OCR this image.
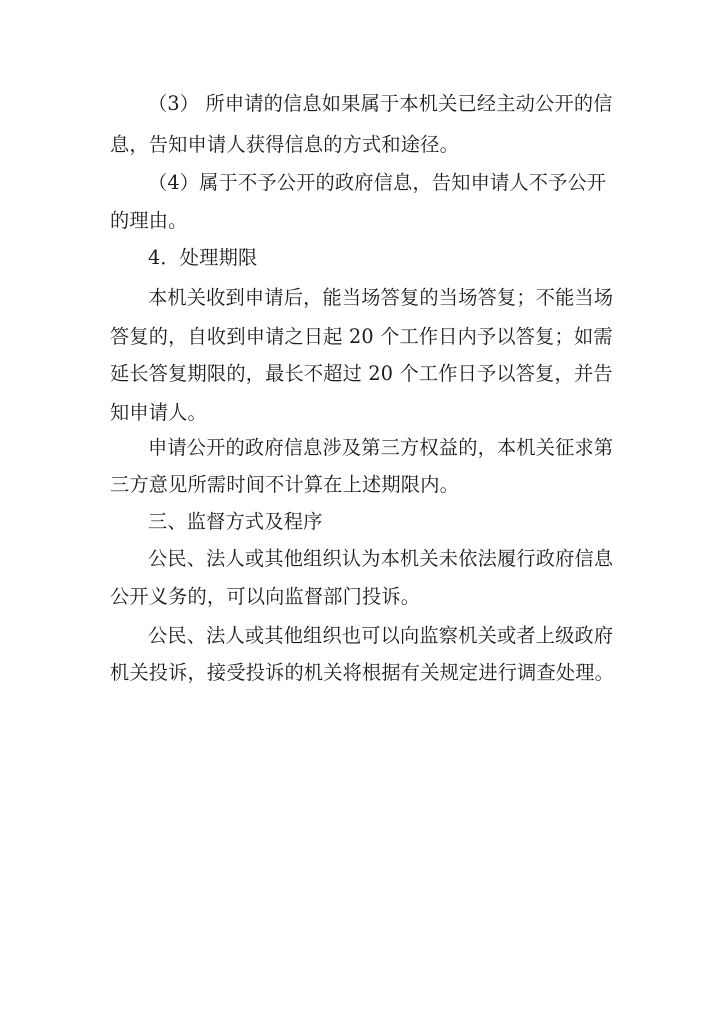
（3） 所申请的信息如果属于本机关已经主动公开的信
息，告知申请人获得信息的方式和途径。
（4）属于不予公开的政府信息，告知申请人不予公开
的理由。
4．处理期限
本机关收到申请后，能当场答复的当场答复；不能当场
答复的，自收到申请之日起 20 个工作日内予以答复；如需
延长答复期限的，最长不超过 20 个工作日予以答复，并告
知申请人。
申请公开的政府信息涉及第三方权益的，本机关征求第
三方意见所需时间不计算在上述期限内。
三、监督方式及程序
公民、法人或其他组织认为本机关未依法履行政府信息
公开义务的，可以向监督部门投诉。
公民、法人或其他组织也可以向监察机关或者上级政府
机关投诉，接受投诉的机关将根据有关规定进行调查处理。
